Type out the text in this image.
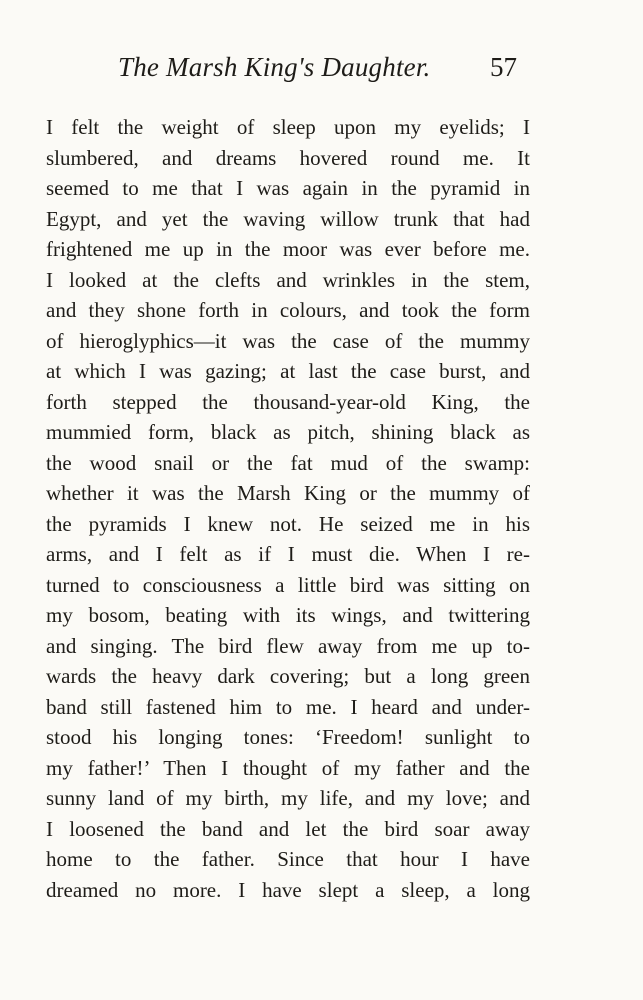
The Marsh King's Daughter. 57
I felt the weight of sleep upon my eyelids; I
slumbered, and dreams hovered round me. It
seemed to me that I was again in the pyramid in
Egypt, and yet the waving willow trunk that had
frightened me up in the moor was ever before me.
I looked at the clefts and wrinkles in the stem,
and they shone forth in colours, and took the form
of hieroglyphics—it was the case of the mummy
at which I was gazing; at last the case burst, and
forth stepped the thousand-year-old King, the
mummied form, black as pitch, shining black as
the wood snail or the fat mud of the swamp:
whether it was the Marsh King or the mummy of
the pyramids I knew not. He seized me in his
arms, and I felt as if I must die. When I re-
turned to consciousness a little bird was sitting on
my bosom, beating with its wings, and twittering
and singing. The bird flew away from me up to-
wards the heavy dark covering; but a long green
band still fastened him to me. I heard and under-
stood his longing tones: ‘Freedom! sunlight to
my father!’ Then I thought of my father and the
sunny land of my birth, my life, and my love; and
I loosened the band and let the bird soar away
home to the father. Since that hour I have
dreamed no more. I have slept a sleep, a long
